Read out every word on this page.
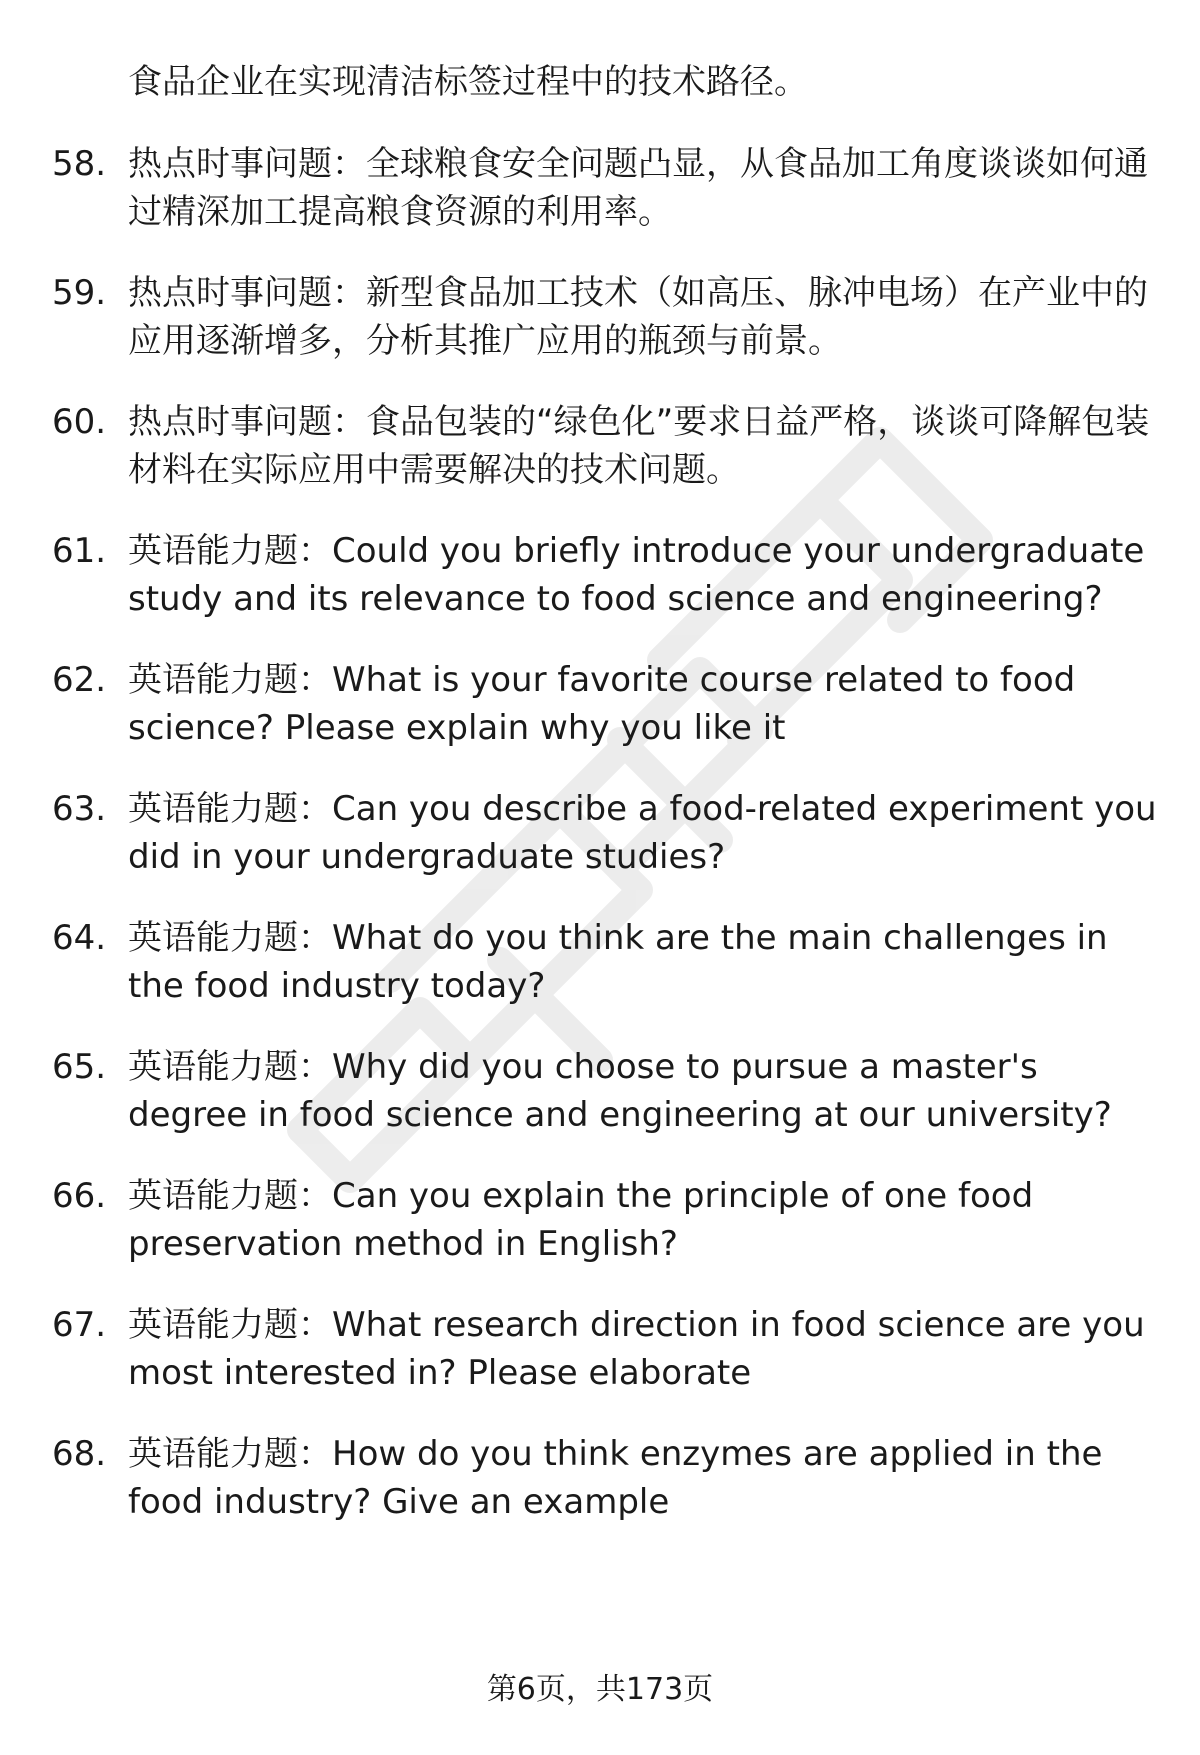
食品企业在实现清洁标签过程中的技术路径。
58. 热点时事问题：全球粮食安全问题凸显，从食品加工角度谈谈如何通过精深加工提高粮食资源的利用率。
59. 热点时事问题：新型食品加工技术（如高压、脉冲电场）在产业中的应用逐渐增多，分析其推广应用的瓶颈与前景。
60. 热点时事问题：食品包装的“绿色化”要求日益严格，谈谈可降解包装材料在实际应用中需要解决的技术问题。
61. 英语能力题：Could you briefly introduce your undergraduate study and its relevance to food science and engineering?
62. 英语能力题：What is your favorite course related to food science? Please explain why you like it
63. 英语能力题：Can you describe a food-related experiment you did in your undergraduate studies?
64. 英语能力题：What do you think are the main challenges in the food industry today?
65. 英语能力题：Why did you choose to pursue a master's degree in food science and engineering at our university?
66. 英语能力题：Can you explain the principle of one food preservation method in English?
67. 英语能力题：What research direction in food science are you most interested in? Please elaborate
68. 英语能力题：How do you think enzymes are applied in the food industry? Give an example
第6页，共173页
